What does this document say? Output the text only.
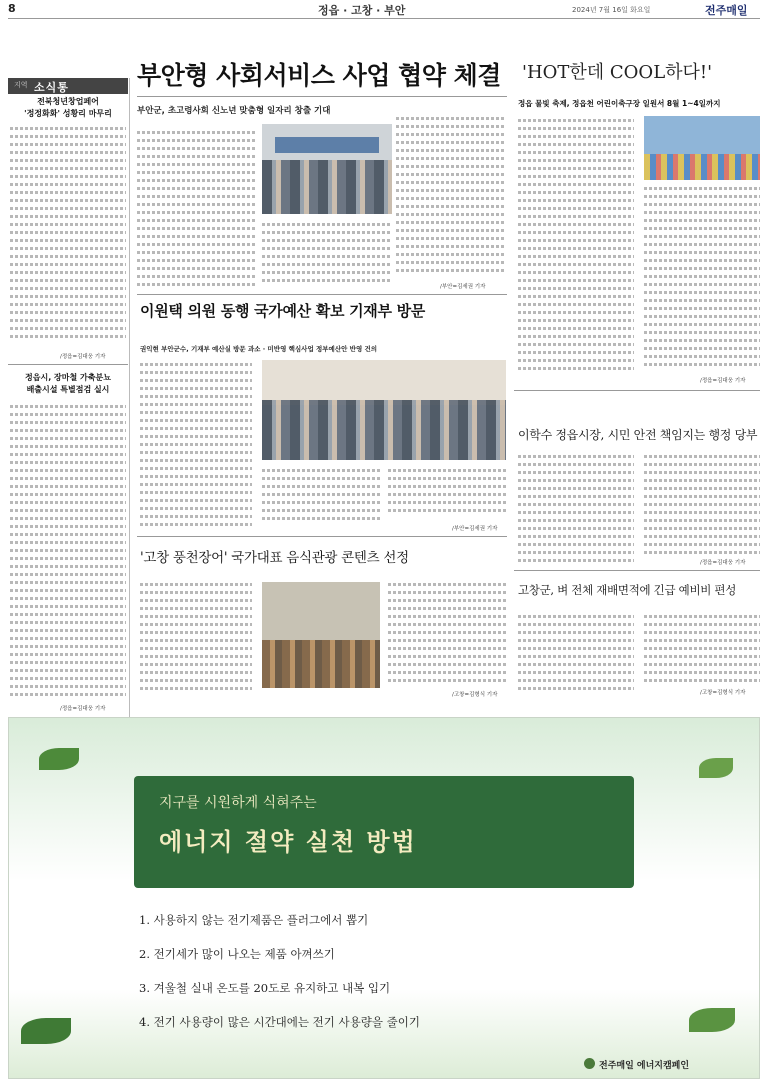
8	정읍 · 고창 · 부안	2024년 7월 16일 화요일	전주매일
지역 소식통
전북청년창업페어
'정정화화' 성황리 마무리
/정읍=김대웅 기자
정읍시, 장마철 가축분뇨
배출시설 특별점검 실시
/정읍=김대웅 기자
부안형 사회서비스 사업 협약 체결
부안군, 초고령사회 신노년 맞춤형 일자리 창출 기대
/부안=김세권 기자
이원택 의원 동행 국가예산 확보 기재부 방문
권익현 부안군수, 기재부 예산실 방문 과소 · 미반영 핵심사업 정부예산안 반영 건의
/부안=김세권 기자
'고창 풍천장어' 국가대표 음식관광 콘텐츠 선정
/고창=김형식 기자
'HOT한데 COOL하다!'
정읍 물빛 축제, 정읍천 어린이축구장 일원서 8월 1~4일까지
/정읍=김대웅 기자
이학수 정읍시장, 시민 안전 책임지는 행정 당부
/정읍=김대웅 기자
고창군, 벼 전체 재배면적에 긴급 예비비 편성
/고창=김형식 기자
지구를 시원하게 식혀주는
에너지 절약 실천 방법
1. 사용하지 않는 전기제품은 플러그에서 뽑기
2. 전기세가 많이 나오는 제품 아껴쓰기
3. 겨울철 실내 온도를 20도로 유지하고 내복 입기
4. 전기 사용량이 많은 시간대에는 전기 사용량을 줄이기
전주매일 에너지캠페인
